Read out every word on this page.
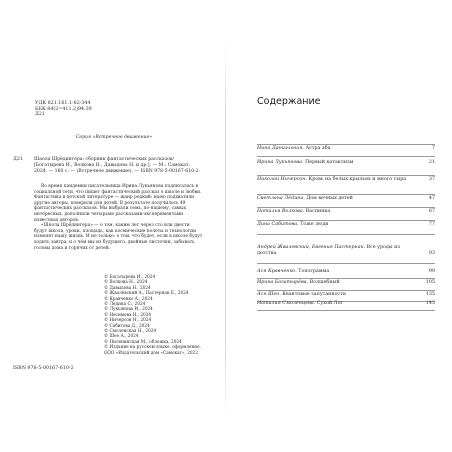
УДК 821.161.1-82-344
ББК 84(2=411.2)94.39
Д21
Серия «Встречное движение»
Д21 Шаола Шрёдингера: сборник фантастических рассказов/ [Богатырева И., Волкова Н., Давыдова Н. и др.]. — М.: Самокат, 2024. — 160 с. — (Встречное движение). — ISBN 978-5-00167-610-2.

Во время пандемии писательница Ирина Лукьянова подписалась в социальной сети, что пишет фантастический рассказ о школе и любви. Фантастика в детской литературе — жанр редкий: идею подхватили другие авторы, поверили для детей. В результате получилось 49 фантастических рассказов. Мы выбрали семь, по-нашему, самых интересных, дополнили четырьмя рассказами-экспериментами известных авторов.

«Школа Шрёдингера» — о том, каким лет через сто или двести будут школа, уроки, площадь, как космические полеты и технологии изменят нашу жизнь. И не только: о том, что будет, если в школе будут ходить завтра, и о чём мы из будущего, двойные листочки, забывать головы дома и горячих от детей.

© Богатырева И., 2024
© Волкова Н., 2024
© Давыдова Н., 2024
© Жвалевский А., Пастернак Е., 2024
© Кравченко А., 2024
© Ледина С., 2024
© Лукьянова И., 2024
© Несимова Н., 2024
© Ничерсон Н., 2024
© Сабитова Д., 2024
© Смоленская Н., 2024
© Шео А., 2024
© Пиленинская М., обложка, 2024
© Издание на русском языке, оформление.
ООО «Издательский дом «Самокат», 2022
ISBN 978-5-00167-610-2
Содержание
Нина Даниэльная. Астра аба	7
Ирина Лукьянова. Первый катаклизм	21
Николай Ничерсон. Кровь на белых крыльях и много сыра	37
Светлана Лёдина. Дом вечных детей	47
Наталья Волкова. Васпинка	67
Дина Сабитова. Тоже люди	77
Андрей Жвалевский, Евгения Пастернак. Все уроды из детства	93
Ася Кравченко. Топограмма	99
Ирина Богатырёва. Волшебный	105
Ася Шео. Квантовые запутанности	135
Наталия Смоленцева. Сухой Лог	143
